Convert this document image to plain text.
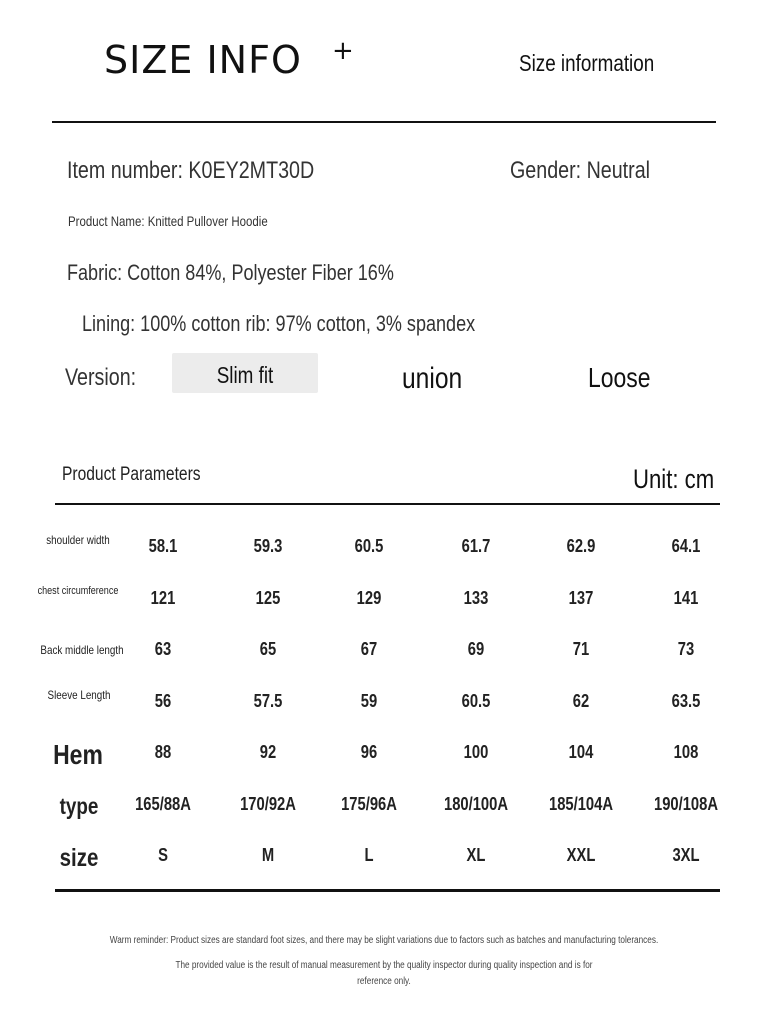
SIZE INFO +	Size information
Item number: K0EY2MT30D	Gender: Neutral
Product Name: Knitted Pullover Hoodie
Fabric: Cotton 84%, Polyester Fiber 16%
Lining: 100% cotton rib: 97% cotton, 3% spandex
Version:	Slim fit	union	Loose
Product Parameters	Unit: cm
shoulder width	58.1	59.3	60.5	61.7	62.9	64.1
chest circumference	121	125	129	133	137	141
Back middle length	63	65	67	69	71	73
Sleeve Length	56	57.5	59	60.5	62	63.5
Hem	88	92	96	100	104	108
type	165/88A	170/92A	175/96A	180/100A	185/104A	190/108A
size	S	M	L	XL	XXL	3XL
Warm reminder: Product sizes are standard foot sizes, and there may be slight variations due to factors such as batches and manufacturing tolerances.
The provided value is the result of manual measurement by the quality inspector during quality inspection and is for
reference only.
